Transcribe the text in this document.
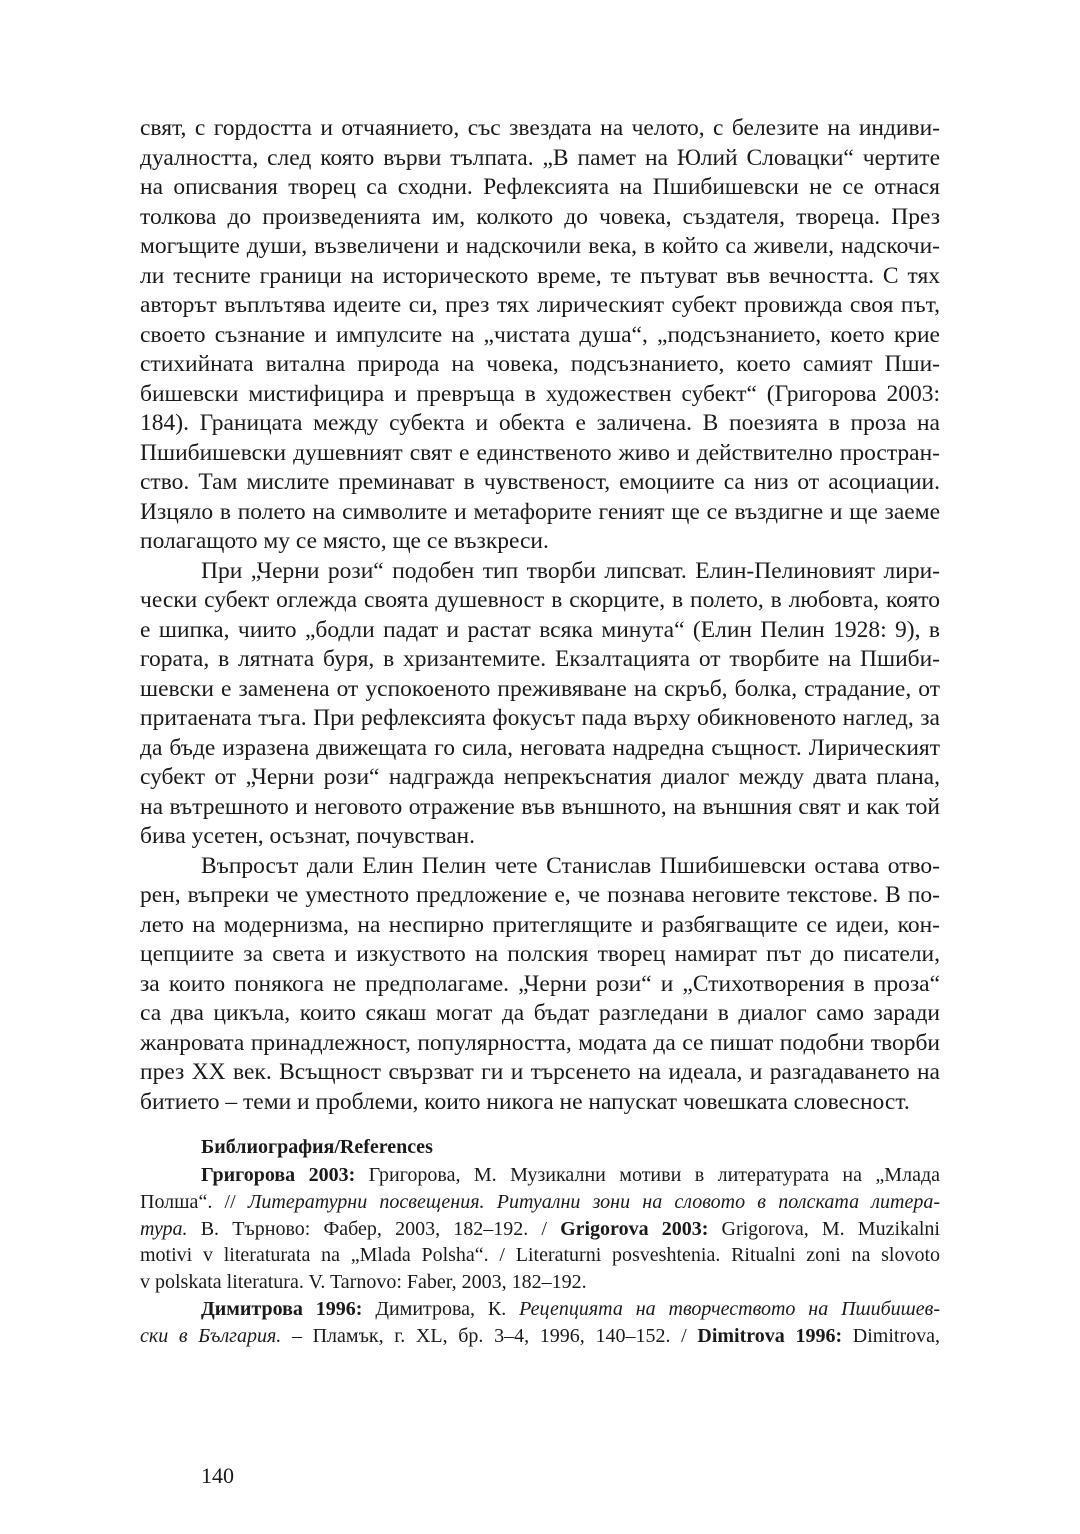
свят, с гордостта и отчаянието, със звездата на челото, с белезите на индиви-
дуалността, след която върви тълпата. „В памет на Юлий Словацки“ чертите
на описвания творец са сходни. Рефлексията на Пшибишевски не се отнася
толкова до произведенията им, колкото до човека, създателя, твореца. През
могъщите души, възвеличени и надскочили века, в който са живели, надскочи-
ли тесните граници на историческото време, те пътуват във вечността. С тях
авторът въплътява идеите си, през тях лирическият субект провижда своя път,
своето съзнание и импулсите на „чистата душа“, „подсъзнанието, което крие
стихийната витална природа на човека, подсъзнанието, което самият Пши-
бишевски мистифицира и превръща в художествен субект“ (Григорова 2003:
184). Границата между субекта и обекта е заличена. В поезията в проза на
Пшибишевски душевният свят е единственото живо и действително простран-
ство. Там мислите преминават в чувственост, емоциите са низ от асоциации.
Изцяло в полето на символите и метафорите геният ще се въздигне и ще заеме
полагащото му се място, ще се възкреси.
При „Черни рози“ подобен тип творби липсват. Елин-Пелиновият лири-
чески субект оглежда своята душевност в скорците, в полето, в любовта, която
е шипка, чиито „бодли падат и растат всяка минута“ (Елин Пелин 1928: 9), в
гората, в лятната буря, в хризантемите. Екзалтацията от творбите на Пшиби-
шевски е заменена от успокоеното преживяване на скръб, болка, страдание, от
притаената тъга. При рефлексията фокусът пада върху обикновеното наглед, за
да бъде изразена движещата го сила, неговата надредна същност. Лирическият
субект от „Черни рози“ надгражда непрекъснатия диалог между двата плана,
на вътрешното и неговото отражение във външното, на външния свят и как той
бива усетен, осъзнат, почувстван.
Въпросът дали Елин Пелин чете Станислав Пшибишевски остава отво-
рен, въпреки че уместното предложение е, че познава неговите текстове. В по-
лето на модернизма, на неспирно притеглящите и разбягващите се идеи, кон-
цепциите за света и изкуството на полския творец намират път до писатели,
за които понякога не предполагаме. „Черни рози“ и „Стихотворения в проза“
са два цикъла, които сякаш могат да бъдат разгледани в диалог само заради
жанровата принадлежност, популярността, модата да се пишат подобни творби
през XX век. Всъщност свързват ги и търсенето на идеала, и разгадаването на
битието – теми и проблеми, които никога не напускат човешката словесност.
Библиография/References
Григорова 2003: Григорова, М. Музикални мотиви в литературата на „Млада
Полша“. // Литературни посвещения. Ритуални зони на словото в полската литера-
тура. В. Търново: Фабер, 2003, 182–192. / Grigorova 2003: Grigorova, M. Muzikalni
motivi v literaturata na „Mlada Polsha“. / Literaturni posveshtenia. Ritualni zoni na slovoto
v polskata literatura. V. Tarnovo: Faber, 2003, 182–192.
Димитрова 1996: Димитрова, К. Рецепцията на творчеството на Пшибишев-
ски в България. – Пламък, г. XL, бр. 3–4, 1996, 140–152. / Dimitrova 1996: Dimitrova,
140
